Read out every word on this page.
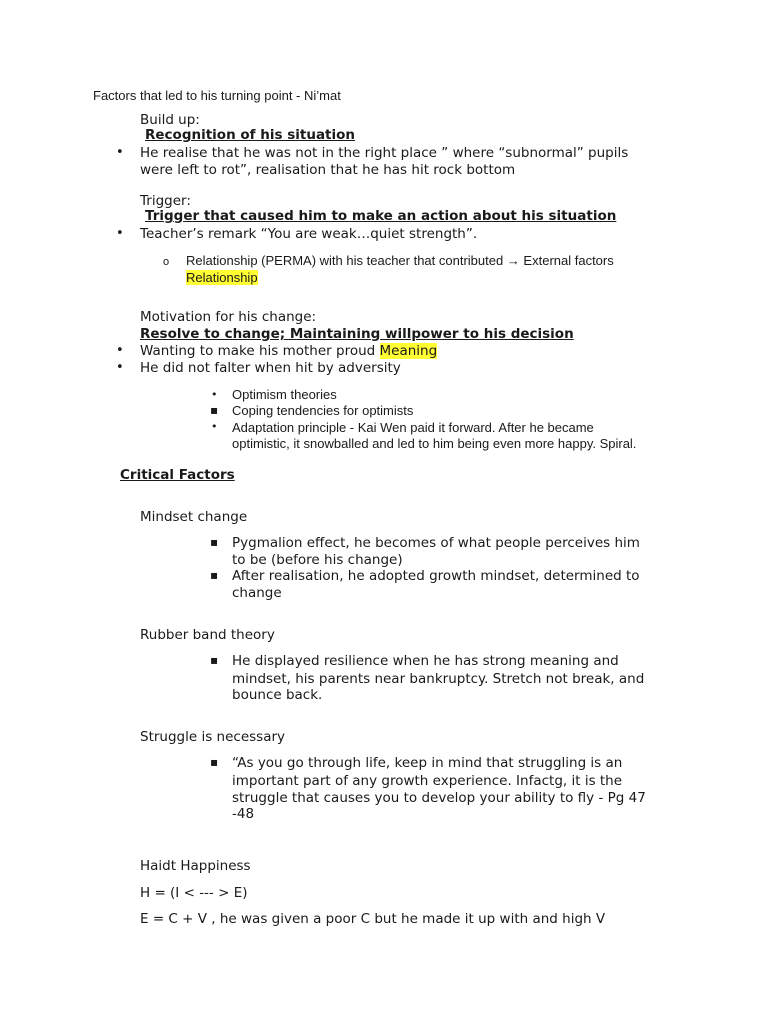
Factors that led to his turning point - Ni’mat
Build up:
Recognition of his situation
• He realise that he was not in the right place ” where “subnormal” pupils
were left to rot”, realisation that he has hit rock bottom
Trigger:
Trigger that caused him to make an action about his situation
• Teacher’s remark “You are weak…quiet strength”.
o Relationship (PERMA) with his teacher that contributed → External factors
Relationship
Motivation for his change:
Resolve to change; Maintaining willpower to his decision
• Wanting to make his mother proud Meaning
• He did not falter when hit by adversity
• Optimism theories
▪ Coping tendencies for optimists
• Adaptation principle - Kai Wen paid it forward. After he became
optimistic, it snowballed and led to him being even more happy. Spiral.
Critical Factors
Mindset change
▪ Pygmalion effect, he becomes of what people perceives him
to be (before his change)
▪ After realisation, he adopted growth mindset, determined to
change
Rubber band theory
▪ He displayed resilience when he has strong meaning and
mindset, his parents near bankruptcy. Stretch not break, and
bounce back.
Struggle is necessary
▪ “As you go through life, keep in mind that struggling is an
important part of any growth experience. Infactg, it is the
struggle that causes you to develop your ability to fly - Pg 47
-48
Haidt Happiness
H = (I < --- > E)
E = C + V , he was given a poor C but he made it up with and high V
